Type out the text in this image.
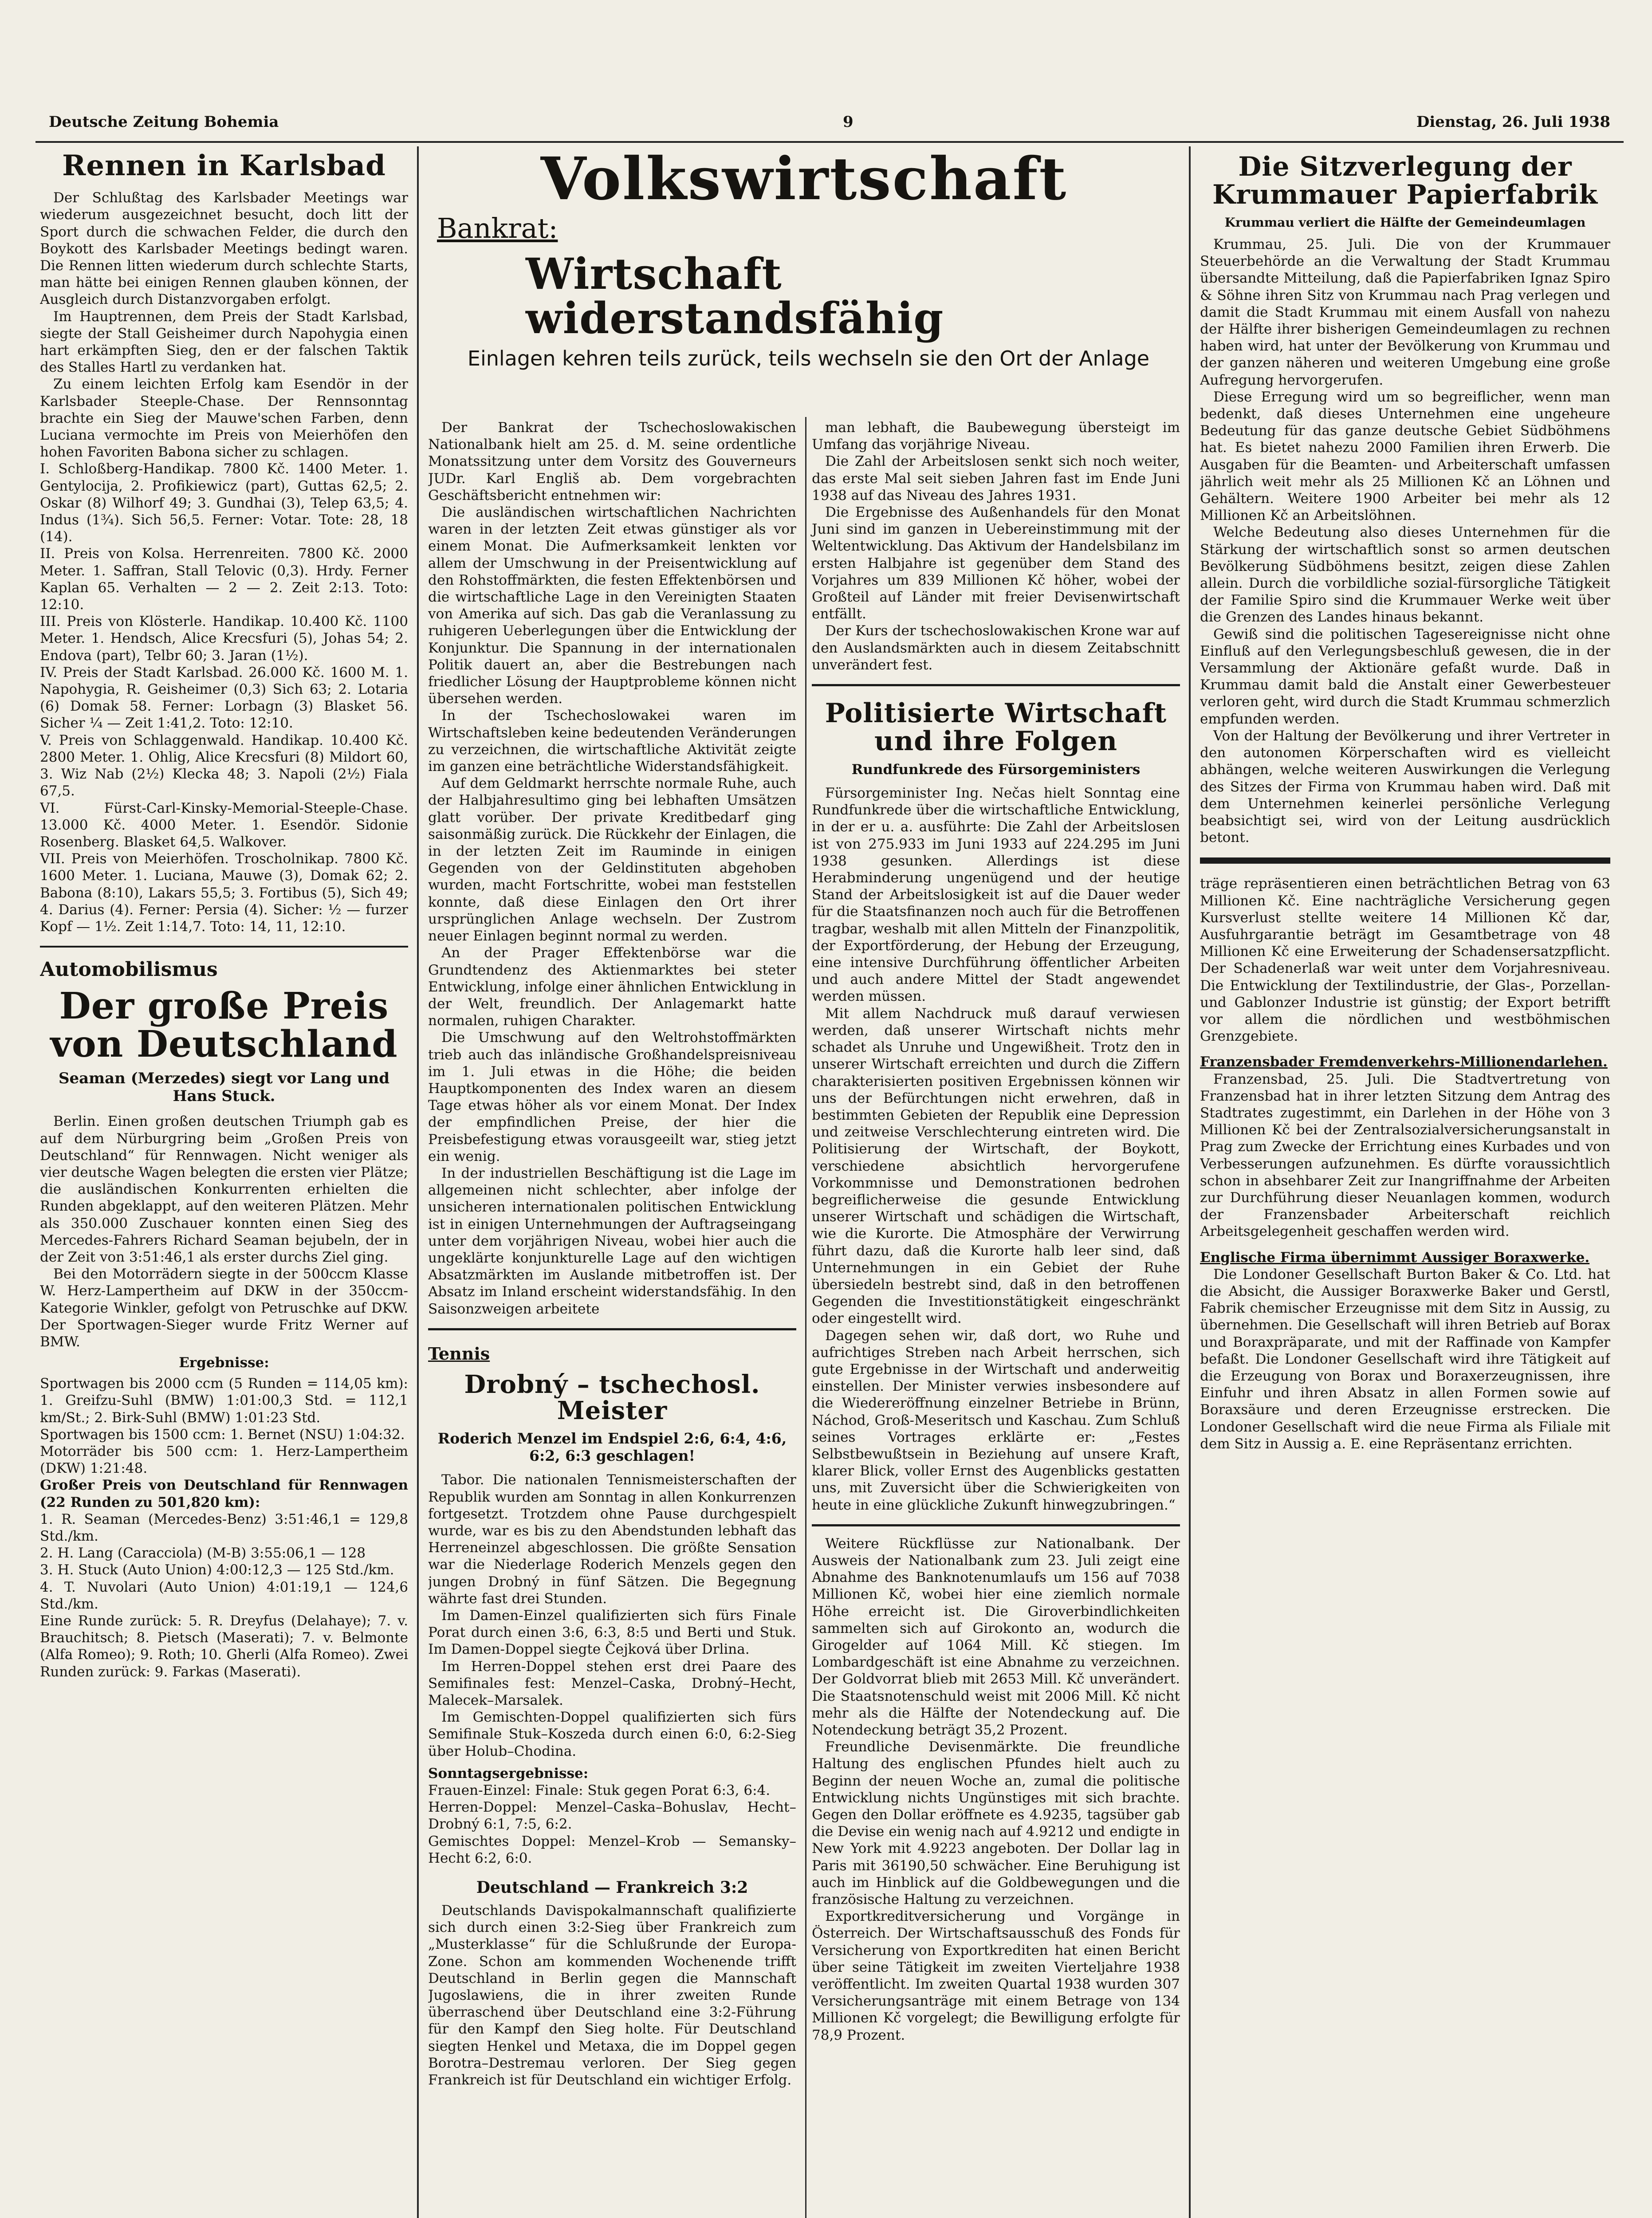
Deutsche Zeitung Bohemia	9	Dienstag, 26. Juli 1938
Rennen in Karlsbad

Der Schlußtag des Karlsbader Meetings war wiederum ausgezeichnet besucht, doch litt der Sport durch die schwachen Felder, die durch den Boykott des Karlsbader Meetings bedingt waren. Die Rennen litten wiederum durch schlechte Starts, man hätte bei einigen Rennen glauben können, der Ausgleich durch Distanzvorgaben erfolgt.

Im Hauptrennen, dem Preis der Stadt Karlsbad, siegte der Stall Geisheimer durch Napohygia einen hart erkämpften Sieg, den er der falschen Taktik des Stalles Hartl zu verdanken hat.

Zu einem leichten Erfolg kam Esendör in der Karlsbader Steeple-Chase. Der Rennsonntag brachte ein Sieg der Mauwe'schen Farben, denn Luciana vermochte im Preis von Meierhöfen den hohen Favoriten Babona sicher zu schlagen.

I. Schloßberg-Handikap. 7800 Kč. 1400 Meter. 1. Gentylocija, 2. Profikiewicz (part), Guttas 62,5; 2. Oskar (8) Wilhorf 49; 3. Gundhai (3), Telep 63,5; 4. Indus (1¾). Sich 56,5. Ferner: Votar. Tote: 28, 18 (14).

II. Preis von Kolsa. Herrenreiten. 7800 Kč. 2000 Meter. 1. Saffran, Stall Telovic (0,3). Hrdy. Ferner Kaplan 65. Verhalten — 2 — 2. Zeit 2:13. Toto: 12:10.

III. Preis von Klösterle. Handikap. 10.400 Kč. 1100 Meter. 1. Hendsch, Alice Krecsfuri (5), Johas 54; 2. Endova (part), Telbr 60; 3. Jaran (1½).

IV. Preis der Stadt Karlsbad. 26.000 Kč. 1600 M. 1. Napohygia, R. Geisheimer (0,3) Sich 63; 2. Lotaria (6) Domak 58. Ferner: Lorbagn (3) Blasket 56. Sicher ¼ — Zeit 1:41,2. Toto: 12:10.

V. Preis von Schlaggenwald. Handikap. 10.400 Kč. 2800 Meter. 1. Ohlig, Alice Krecsfuri (8) Mildort 60, 3. Wiz Nab (2½) Klecka 48; 3. Napoli (2½) Fiala 67,5.

VI. Fürst-Carl-Kinsky-Memorial-Steeple-Chase. 13.000 Kč. 4000 Meter. 1. Esendör. Sidonie Rosenberg. Blasket 64,5. Walkover.

VII. Preis von Meierhöfen. Troscholnikap. 7800 Kč. 1600 Meter. 1. Luciana, Mauwe (3), Domak 62; 2. Babona (8:10), Lakars 55,5; 3. Fortibus (5), Sich 49; 4. Darius (4). Ferner: Persia (4). Sicher: ½ — furzer Kopf — 1½. Zeit 1:14,7. Toto: 14, 11, 12:10.

Automobilismus

Der große Preis von Deutschland

Seaman (Merzedes) siegt vor Lang und Hans Stuck.

Berlin. Einen großen deutschen Triumph gab es auf dem Nürburgring beim „Großen Preis von Deutschland“ für Rennwagen. Nicht weniger als vier deutsche Wagen belegten die ersten vier Plätze; die ausländischen Konkurrenten erhielten die Runden abgeklappt, auf den weiteren Plätzen. Mehr als 350.000 Zuschauer konnten einen Sieg des Mercedes-Fahrers Richard Seaman bejubeln, der in der Zeit von 3:51:46,1 als erster durchs Ziel ging.

Bei den Motorrädern siegte in der 500ccm Klasse W. Herz-Lampertheim auf DKW in der 350ccm-Kategorie Winkler, gefolgt von Petruschke auf DKW. Der Sportwagen-Sieger wurde Fritz Werner auf BMW.

Ergebnisse:

Sportwagen bis 2000 ccm (5 Runden = 114,05 km): 1. Greifzu-Suhl (BMW) 1:01:00,3 Std. = 112,1 km/St.; 2. Birk-Suhl (BMW) 1:01:23 Std.

Sportwagen bis 1500 ccm: 1. Bernet (NSU) 1:04:32.

Motorräder bis 500 ccm: 1. Herz-Lampertheim (DKW) 1:21:48.

Großer Preis von Deutschland für Rennwagen (22 Runden zu 501,820 km):

1. R. Seaman (Mercedes-Benz) 3:51:46,1 = 129,8 Std./km.

2. H. Lang (Caracciola) (M-B) 3:55:06,1 — 128

3. H. Stuck (Auto Union) 4:00:12,3 — 125 Std./km.

4. T. Nuvolari (Auto Union) 4:01:19,1 — 124,6 Std./km.

Eine Runde zurück: 5. R. Dreyfus (Delahaye); 7. v. Brauchitsch; 8. Pietsch (Maserati); 7. v. Belmonte (Alfa Romeo); 9. Roth; 10. Gherli (Alfa Romeo). Zwei Runden zurück: 9. Farkas (Maserati).

Volkswirtschaft

Bankrat:

Wirtschaft widerstandsfähig

Einlagen kehren teils zurück, teils wechseln sie den Ort der Anlage

Der Bankrat der Tschechoslowakischen Nationalbank hielt am 25. d. M. seine ordentliche Monatssitzung unter dem Vorsitz des Gouverneurs JUDr. Karl Engliš ab. Dem vorgebrachten Geschäftsbericht entnehmen wir:

Die ausländischen wirtschaftlichen Nachrichten waren in der letzten Zeit etwas günstiger als vor einem Monat. Die Aufmerksamkeit lenkten vor allem der Umschwung in der Preisentwicklung auf den Rohstoffmärkten, die festen Effektenbörsen und die wirtschaftliche Lage in den Vereinigten Staaten von Amerika auf sich. Das gab die Veranlassung zu ruhigeren Ueberlegungen über die Entwicklung der Konjunktur. Die Spannung in der internationalen Politik dauert an, aber die Bestrebungen nach friedlicher Lösung der Hauptprobleme können nicht übersehen werden.

In der Tschechoslowakei waren im Wirtschaftsleben keine bedeutenden Veränderungen zu verzeichnen, die wirtschaftliche Aktivität zeigte im ganzen eine beträchtliche Widerstandsfähigkeit.

Auf dem Geldmarkt herrschte normale Ruhe, auch der Halbjahresultimo ging bei lebhaften Umsätzen glatt vorüber. Der private Kreditbedarf ging saisonmäßig zurück. Die Rückkehr der Einlagen, die in der letzten Zeit im Rauminde in einigen Gegenden von der Geldinstituten abgehoben wurden, macht Fortschritte, wobei man feststellen konnte, daß diese Einlagen den Ort ihrer ursprünglichen Anlage wechseln. Der Zustrom neuer Einlagen beginnt normal zu werden.

An der Prager Effektenbörse war die Grundtendenz des Aktienmarktes bei steter Entwicklung, infolge einer ähnlichen Entwicklung in der Welt, freundlich. Der Anlagemarkt hatte normalen, ruhigen Charakter.

Die Umschwung auf den Weltrohstoffmärkten trieb auch das inländische Großhandelspreisniveau im 1. Juli etwas in die Höhe; die beiden Hauptkomponenten des Index waren an diesem Tage etwas höher als vor einem Monat. Der Index der empfindlichen Preise, der hier die Preisbefestigung etwas vorausgeeilt war, stieg jetzt ein wenig.

In der industriellen Beschäftigung ist die Lage im allgemeinen nicht schlechter, aber infolge der unsicheren internationalen politischen Entwicklung ist in einigen Unternehmungen der Auftragseingang unter dem vorjährigen Niveau, wobei hier auch die ungeklärte konjunkturelle Lage auf den wichtigen Absatzmärkten im Auslande mitbetroffen ist. Der Absatz im Inland erscheint widerstandsfähig. In den Saisonzweigen arbeitete

Tennis

Drobný – tschechosl. Meister

Roderich Menzel im Endspiel 2:6, 6:4, 4:6, 6:2, 6:3 geschlagen!

Tabor. Die nationalen Tennismeisterschaften der Republik wurden am Sonntag in allen Konkurrenzen fortgesetzt. Trotzdem ohne Pause durchgespielt wurde, war es bis zu den Abendstunden lebhaft das Herreneinzel abgeschlossen. Die größte Sensation war die Niederlage Roderich Menzels gegen den jungen Drobný in fünf Sätzen. Die Begegnung währte fast drei Stunden.

Im Damen-Einzel qualifizierten sich fürs Finale Porat durch einen 3:6, 6:3, 8:5 und Berti und Stuk. Im Damen-Doppel siegte Čejková über Drlina.

Im Herren-Doppel stehen erst drei Paare des Semifinales fest: Menzel–Caska, Drobný–Hecht, Malecek–Marsalek.

Im Gemischten-Doppel qualifizierten sich fürs Semifinale Stuk–Koszeda durch einen 6:0, 6:2-Sieg über Holub–Chodina.

Sonntagsergebnisse:

Frauen-Einzel: Finale: Stuk gegen Porat 6:3, 6:4.

Herren-Doppel: Menzel–Caska–Bohuslav, Hecht–Drobný 6:1, 7:5, 6:2.

Gemischtes Doppel: Menzel–Krob — Semansky–Hecht 6:2, 6:0.

Deutschland — Frankreich 3:2

Deutschlands Davispokalmannschaft qualifizierte sich durch einen 3:2-Sieg über Frankreich zum „Musterklasse“ für die Schlußrunde der Europa-Zone. Schon am kommenden Wochenende trifft Deutschland in Berlin gegen die Mannschaft Jugoslawiens, die in ihrer zweiten Runde überraschend über Deutschland eine 3:2-Führung für den Kampf den Sieg holte. Für Deutschland siegten Henkel und Metaxa, die im Doppel gegen Borotra–Destremau verloren. Der Sieg gegen Frankreich ist für Deutschland ein wichtiger Erfolg.

man lebhaft, die Baubewegung übersteigt im Umfang das vorjährige Niveau.

Die Zahl der Arbeitslosen senkt sich noch weiter, das erste Mal seit sieben Jahren fast im Ende Juni 1938 auf das Niveau des Jahres 1931.

Die Ergebnisse des Außenhandels für den Monat Juni sind im ganzen in Uebereinstimmung mit der Weltentwicklung. Das Aktivum der Handelsbilanz im ersten Halbjahre ist gegenüber dem Stand des Vorjahres um 839 Millionen Kč höher, wobei der Großteil auf Länder mit freier Devisenwirtschaft entfällt.

Der Kurs der tschechoslowakischen Krone war auf den Auslandsmärkten auch in diesem Zeitabschnitt unverändert fest.

Politisierte Wirtschaft und ihre Folgen

Rundfunkrede des Fürsorgeministers

Fürsorgeminister Ing. Nečas hielt Sonntag eine Rundfunkrede über die wirtschaftliche Entwicklung, in der er u. a. ausführte: Die Zahl der Arbeitslosen ist von 275.933 im Juni 1933 auf 224.295 im Juni 1938 gesunken. Allerdings ist diese Herabminderung ungenügend und der heutige Stand der Arbeitslosigkeit ist auf die Dauer weder für die Staatsfinanzen noch auch für die Betroffenen tragbar, weshalb mit allen Mitteln der Finanzpolitik, der Exportförderung, der Hebung der Erzeugung, eine intensive Durchführung öffentlicher Arbeiten und auch andere Mittel der Stadt angewendet werden müssen.

Mit allem Nachdruck muß darauf verwiesen werden, daß unserer Wirtschaft nichts mehr schadet als Unruhe und Ungewißheit. Trotz den in unserer Wirtschaft erreichten und durch die Ziffern charakterisierten positiven Ergebnissen können wir uns der Befürchtungen nicht erwehren, daß in bestimmten Gebieten der Republik eine Depression und zeitweise Verschlechterung eintreten wird. Die Politisierung der Wirtschaft, der Boykott, verschiedene absichtlich hervorgerufene Vorkommnisse und Demonstrationen bedrohen begreiflicherweise die gesunde Entwicklung unserer Wirtschaft und schädigen die Wirtschaft, wie die Kurorte. Die Atmosphäre der Verwirrung führt dazu, daß die Kurorte halb leer sind, daß Unternehmungen in ein Gebiet der Ruhe übersiedeln bestrebt sind, daß in den betroffenen Gegenden die Investitionstätigkeit eingeschränkt oder eingestellt wird.

Dagegen sehen wir, daß dort, wo Ruhe und aufrichtiges Streben nach Arbeit herrschen, sich gute Ergebnisse in der Wirtschaft und anderweitig einstellen. Der Minister verwies insbesondere auf die Wiedereröffnung einzelner Betriebe in Brünn, Náchod, Groß-Meseritsch und Kaschau. Zum Schluß seines Vortrages erklärte er: „Festes Selbstbewußtsein in Beziehung auf unsere Kraft, klarer Blick, voller Ernst des Augenblicks gestatten uns, mit Zuversicht über die Schwierigkeiten von heute in eine glückliche Zukunft hinwegzubringen.“

Weitere Rückflüsse zur Nationalbank. Der Ausweis der Nationalbank zum 23. Juli zeigt eine Abnahme des Banknotenumlaufs um 156 auf 7038 Millionen Kč, wobei hier eine ziemlich normale Höhe erreicht ist. Die Giroverbindlichkeiten sammelten sich auf Girokonto an, wodurch die Girogelder auf 1064 Mill. Kč stiegen. Im Lombardgeschäft ist eine Abnahme zu verzeichnen. Der Goldvorrat blieb mit 2653 Mill. Kč unverändert. Die Staatsnotenschuld weist mit 2006 Mill. Kč nicht mehr als die Hälfte der Notendeckung auf. Die Notendeckung beträgt 35,2 Prozent.

Freundliche Devisenmärkte. Die freundliche Haltung des englischen Pfundes hielt auch zu Beginn der neuen Woche an, zumal die politische Entwicklung nichts Ungünstiges mit sich brachte. Gegen den Dollar eröffnete es 4.9235, tagsüber gab die Devise ein wenig nach auf 4.9212 und endigte in New York mit 4.9223 angeboten. Der Dollar lag in Paris mit 36190,50 schwächer. Eine Beruhigung ist auch im Hinblick auf die Goldbewegungen und die französische Haltung zu verzeichnen.

Exportkreditversicherung und Vorgänge in Österreich. Der Wirtschaftsausschuß des Fonds für Versicherung von Exportkrediten hat einen Bericht über seine Tätigkeit im zweiten Vierteljahre 1938 veröffentlicht. Im zweiten Quartal 1938 wurden 307 Versicherungsanträge mit einem Betrage von 134 Millionen Kč vorgelegt; die Bewilligung erfolgte für 78,9 Prozent.

Die Sitzverlegung der Krummauer Papierfabrik

Krummau verliert die Hälfte der Gemeindeumlagen

Krummau, 25. Juli. Die von der Krummauer Steuerbehörde an die Verwaltung der Stadt Krummau übersandte Mitteilung, daß die Papierfabriken Ignaz Spiro & Söhne ihren Sitz von Krummau nach Prag verlegen und damit die Stadt Krummau mit einem Ausfall von nahezu der Hälfte ihrer bisherigen Gemeindeumlagen zu rechnen haben wird, hat unter der Bevölkerung von Krummau und der ganzen näheren und weiteren Umgebung eine große Aufregung hervorgerufen.

Diese Erregung wird um so begreiflicher, wenn man bedenkt, daß dieses Unternehmen eine ungeheure Bedeutung für das ganze deutsche Gebiet Südböhmens hat. Es bietet nahezu 2000 Familien ihren Erwerb. Die Ausgaben für die Beamten- und Arbeiterschaft umfassen jährlich weit mehr als 25 Millionen Kč an Löhnen und Gehältern. Weitere 1900 Arbeiter bei mehr als 12 Millionen Kč an Arbeitslöhnen.

Welche Bedeutung also dieses Unternehmen für die Stärkung der wirtschaftlich sonst so armen deutschen Bevölkerung Südböhmens besitzt, zeigen diese Zahlen allein. Durch die vorbildliche sozial-fürsorgliche Tätigkeit der Familie Spiro sind die Krummauer Werke weit über die Grenzen des Landes hinaus bekannt.

Gewiß sind die politischen Tagesereignisse nicht ohne Einfluß auf den Verlegungsbeschluß gewesen, die in der Versammlung der Aktionäre gefaßt wurde. Daß in Krummau damit bald die Anstalt einer Gewerbesteuer verloren geht, wird durch die Stadt Krummau schmerzlich empfunden werden.

Von der Haltung der Bevölkerung und ihrer Vertreter in den autonomen Körperschaften wird es vielleicht abhängen, welche weiteren Auswirkungen die Verlegung des Sitzes der Firma von Krummau haben wird. Daß mit dem Unternehmen keinerlei persönliche Verlegung beabsichtigt sei, wird von der Leitung ausdrücklich betont.

träge repräsentieren einen beträchtlichen Betrag von 63 Millionen Kč. Eine nachträgliche Versicherung gegen Kursverlust stellte weitere 14 Millionen Kč dar, Ausfuhrgarantie beträgt im Gesamtbetrage von 48 Millionen Kč eine Erweiterung der Schadensersatzpflicht. Der Schadenerlaß war weit unter dem Vorjahresniveau. Die Entwicklung der Textilindustrie, der Glas-, Porzellan- und Gablonzer Industrie ist günstig; der Export betrifft vor allem die nördlichen und westböhmischen Grenzgebiete.

Franzensbader Fremdenverkehrs-Millionendarlehen.

Franzensbad, 25. Juli. Die Stadtvertretung von Franzensbad hat in ihrer letzten Sitzung dem Antrag des Stadtrates zugestimmt, ein Darlehen in der Höhe von 3 Millionen Kč bei der Zentralsozialversicherungsanstalt in Prag zum Zwecke der Errichtung eines Kurbades und von Verbesserungen aufzunehmen. Es dürfte voraussichtlich schon in absehbarer Zeit zur Inangriffnahme der Arbeiten zur Durchführung dieser Neuanlagen kommen, wodurch der Franzensbader Arbeiterschaft reichlich Arbeitsgelegenheit geschaffen werden wird.

Englische Firma übernimmt Aussiger Boraxwerke.

Die Londoner Gesellschaft Burton Baker & Co. Ltd. hat die Absicht, die Aussiger Boraxwerke Baker und Gerstl, Fabrik chemischer Erzeugnisse mit dem Sitz in Aussig, zu übernehmen. Die Gesellschaft will ihren Betrieb auf Borax und Boraxpräparate, und mit der Raffinade von Kampfer befaßt. Die Londoner Gesellschaft wird ihre Tätigkeit auf die Erzeugung von Borax und Boraxerzeugnissen, ihre Einfuhr und ihren Absatz in allen Formen sowie auf Boraxsäure und deren Erzeugnisse erstrecken. Die Londoner Gesellschaft wird die neue Firma als Filiale mit dem Sitz in Aussig a. E. eine Repräsentanz errichten.
